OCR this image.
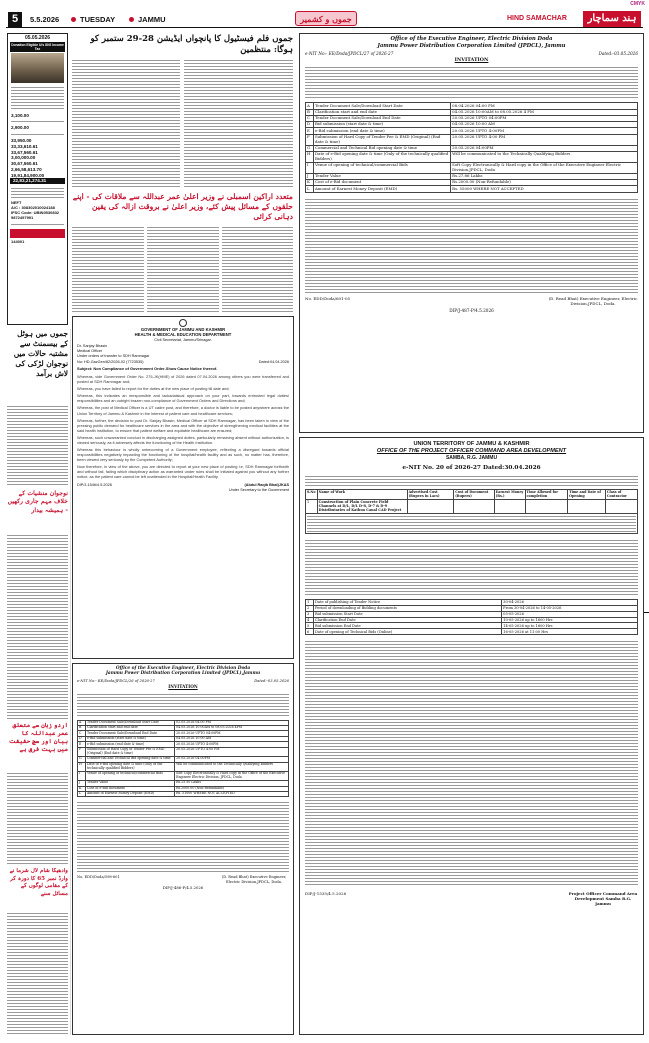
CMYK
5	5.5.2026	TUESDAY	JAMMU	جموں و کشمیر	HIND SAMACHAR	ہند سماچار
05.05.2026
Donation Eligible U/s 80G Income Tax
3,100.00
2,900.00
33,950.00
33,33,610.61
33,67,560.61
3,00,000.00
30,67,560.61
2,66,58,613.70
19,91,84,900.00
22,83,21,274.31
NEFT
A/C : 308302010024188
IFSC Code: UBIN0530832
9872497991
144001
جموں فلم فیسٹیول کا پانچواں ایڈیشن 28-29 ستمبر کو ہوگا: منتظمین
متعدد اراکین اسمبلی نے وزیر اعلیٰ عمر عبداللہ سے ملاقات کی - اپنے حلقوں کے مسائل پیش کئے، وزیر اعلیٰ نے بروقت ازالہ کی یقین دہانی کرائی
GOVERNMENT OF JAMMU AND KASHMIR
HEALTH & MEDICAL EDUCATION DEPARTMENT
Civil Secretariat, Jammu/Srinagar.
Dr. Sanjay Bhasin
Medical Officer
Under orders of transfer to SDH Ramnagar
No: HD-GazGen/82/2026-02 (7723535)	Dated:04.04.2026
Subject: Non Compliance of Government Order-Show Cause Notice thereof.
Whereas, vide Government Order No. 275-JK(HME) of 2026 dated 07.04.2026 among others you were transferred and posted at SDH Ramnagar and;
Whereas, you have failed to report for the duties at the new place of posting till date and;
Whereas, this indicates an irresponsible and lackadaisical approach on your part, towards entrusted legal duties/ responsibilities and an outright brazen non-compliance of Government Orders and Directions and;
Whereas, the post of Medical Officer is a UT cadre post, and therefore, a doctor is liable to be posted anywhere across the Union Territory of Jammu & Kashmir in the interest of patient care and healthcare services;
Whereas, further, the decision to post Dr. Sanjay Bhasin, Medical Officer at SDH Ramnagar, has been taken in view of the pressing public demand for healthcare services in the area and with the objective of strengthening medical facilities at the said health institution, to ensure that patient welfare and equitable healthcare are ensured;
Whereas, such unwarranted conduct in discharging assigned duties, particularly remaining absent without authorization, is viewed seriously, as it adversely affects the functioning of the Health Institution.
Whereas this behaviour is wholly unbecoming of a Government employee, reflecting a disregard towards official responsibilities negatively impacting the functioning of the hospital/health facility and as such, no matter has, therefore, been viewed very seriously by the Competent Authority;
Now therefore, in view of the above, you are directed to report at your new place of posting i.e, SDH Ramnagar forthwith and without fail, failing which disciplinary action as warranted under rules shall be initiated against you without any further notice, as the patient care cannot be left unattended in the Hospital/Health Facility.
DIP/J-1546/4.5.2026	(Abdul Raqib Bhat)JKAS
Under Secretary to the Government
Office of the Executive Engineer, Electric Division Doda
Jammu Power Distribution Corporation Limited (JPDCL),Jammu
e-NIT No:- EE/Doda/JPDCL/26 of 2026-27	Dated:-03.05.2026
INVITATION
A	Tender Document Sale/Download Start Date	02.05.2026 04:00 PM
B	Clarification start and end date	04.05.2026 10:00AM to 08.05.2026 4PM
C	Tender Document Sale/Download End Date	20.05.2026 UPTO 04:00PM
D	e-Bid submission (start date & time)	04.05.2026 10:00 AM
E	e-Bid submission (end date & time)	20.05.2026 UPTO 4:00PM
F	Submission of Hard Copy of Tender Fee & EMD (Original) (End date & time)	20.05.2026 UPTO 4:00 PM
G	Commercial and Technical Bid opening date & time	20.05.2026 04:00PM
H	Date of e-Bid opening date & time (Only of the technically qualified Bidders)	Will be communicated to the Technically Qualifying Bidders
I	Venue of opening of technical/commercial Bids	Soft Copy Electronically & Hard copy in the Office of the Executive Engineer Electric Division, JPDCL, Doda
J	Tender Value	Rs.25.50 Lakhs
K	Cost of e-Bid document	Rs.2000.00 (Non-Refundable)
L	Amount of Earnest Money Deposit (EMD)	Rs. 51000 WHERE NOT ACCEPTED
No. EDD/Doda/598-601	(D. Read Bhat) Executive Engineer, Electric Division,JPDCL, Doda.
DIP/J-486-P/4.5.2026
جموں میں ہوٹل کے بیسمنٹ سے مشتبہ حالات میں نوجوان لڑکی کی لاش برآمد
نوجوان منشیات کے خلاف مہم جاری رکھیں - ہمیشہ بیدار
اردو زبان سے متعلق عمر عبداللہ کا بیان اور سچ حقیقت میں بہت فرق ہے
وادھیکا شام لال شرما نے وارڈ نمبر 65 کا دورہ کر کے مقامی لوگوں کے مسائل سنے
Office of the Executive Engineer, Electric Division Doda
Jammu Power Distribution Corporation Limited (JPDCL), Jammu
e-NIT No:- EE/Doda/JPDCL/27 of 2026-27	Dated:-03.05.2026
INVITATION
A	Tender Document Sale/Download Start Date	08.04.2026 04:00 PM
B	Clarification start and end date	04.05.2026 10:00AM to 08.05.2026 4 PM
C	Tender Document Sale/Download End Date	20.05.2026 UPTO 04:00PM
D	Bid submission (start date & time)	04.05.2026 10:00 AM
E	e-Bid submission (end date & time)	20.05.2026 UPTO 4:00PM
F	Submission of Hard Copy of Tender Fee & EMD (Original) (End date & time)	20.05.2026 UPTO 4:00 PM
G	Commercial and Technical Bid opening date & time	20.05.2026 04:00PM
H	Date of e-Bid opening date & time (Only of the technically qualified Bidders)	Will be communicated to the Technically Qualifying Bidders
I	Venue of opening of technical/commercial Bids	Soft Copy Electronically & Hard copy in the Office of the Executive Engineer Electric Division,JPDCL, Doda
J	Tender Value	Rs.27.86 Lakhs
K	Cost of e-Bid document	Rs.2000.00 (Non-Refundable)
L	Amount of Earnest Money Deposit (EMD)	Rs. 55000 WHERE NOT ACCEPTED
No. EDD/Doda/601-05	(D. Read Bhat) Executive Engineer, Electric Division,JPDCL, Doda.
DIP/J-487-P/4.5.2026
UNION TERRITORY OF JAMMU & KASHMIR
OFFICE OF THE PROJECT OFFICER COMMAND AREA DEVELOPMENT
SAMBA, R.G. JAMMU
e-NIT No. 20 of 2026-27 Dated:30.04.2026
S.No	Name of Work	Advertised Cost (Rupees in Lacs)	Cost of Document (Rupees)	Earnest Money (Rs.)	Time Allowed for completion	Time and Date of Opening	Class of Contractor
1	Construction of Plain Concrete Field Channels at D/L, D/L D-8, D-7 & D-9 Distributaries of Kathua Canal CAD Project						

1	Date of publishing of Tender Notice	30-04-2026
2	Period of downloading of Bidding documents	From 30-04-2026 to 14-05-2026
3	Bid submission Start Date	05-05-2026
4	Clarification End Date	10-05-2026 up to 1600 Hrs
5	Bid submission End Date	14-05-2026 up to 1600 Hrs
6	Date of opening of Technical Bids (Online)	16-05-2026 at 11:00 Hrs
DIP/J-1535/4.5.2026	Project Officer Command Area Development Samba R.G. Jammu
